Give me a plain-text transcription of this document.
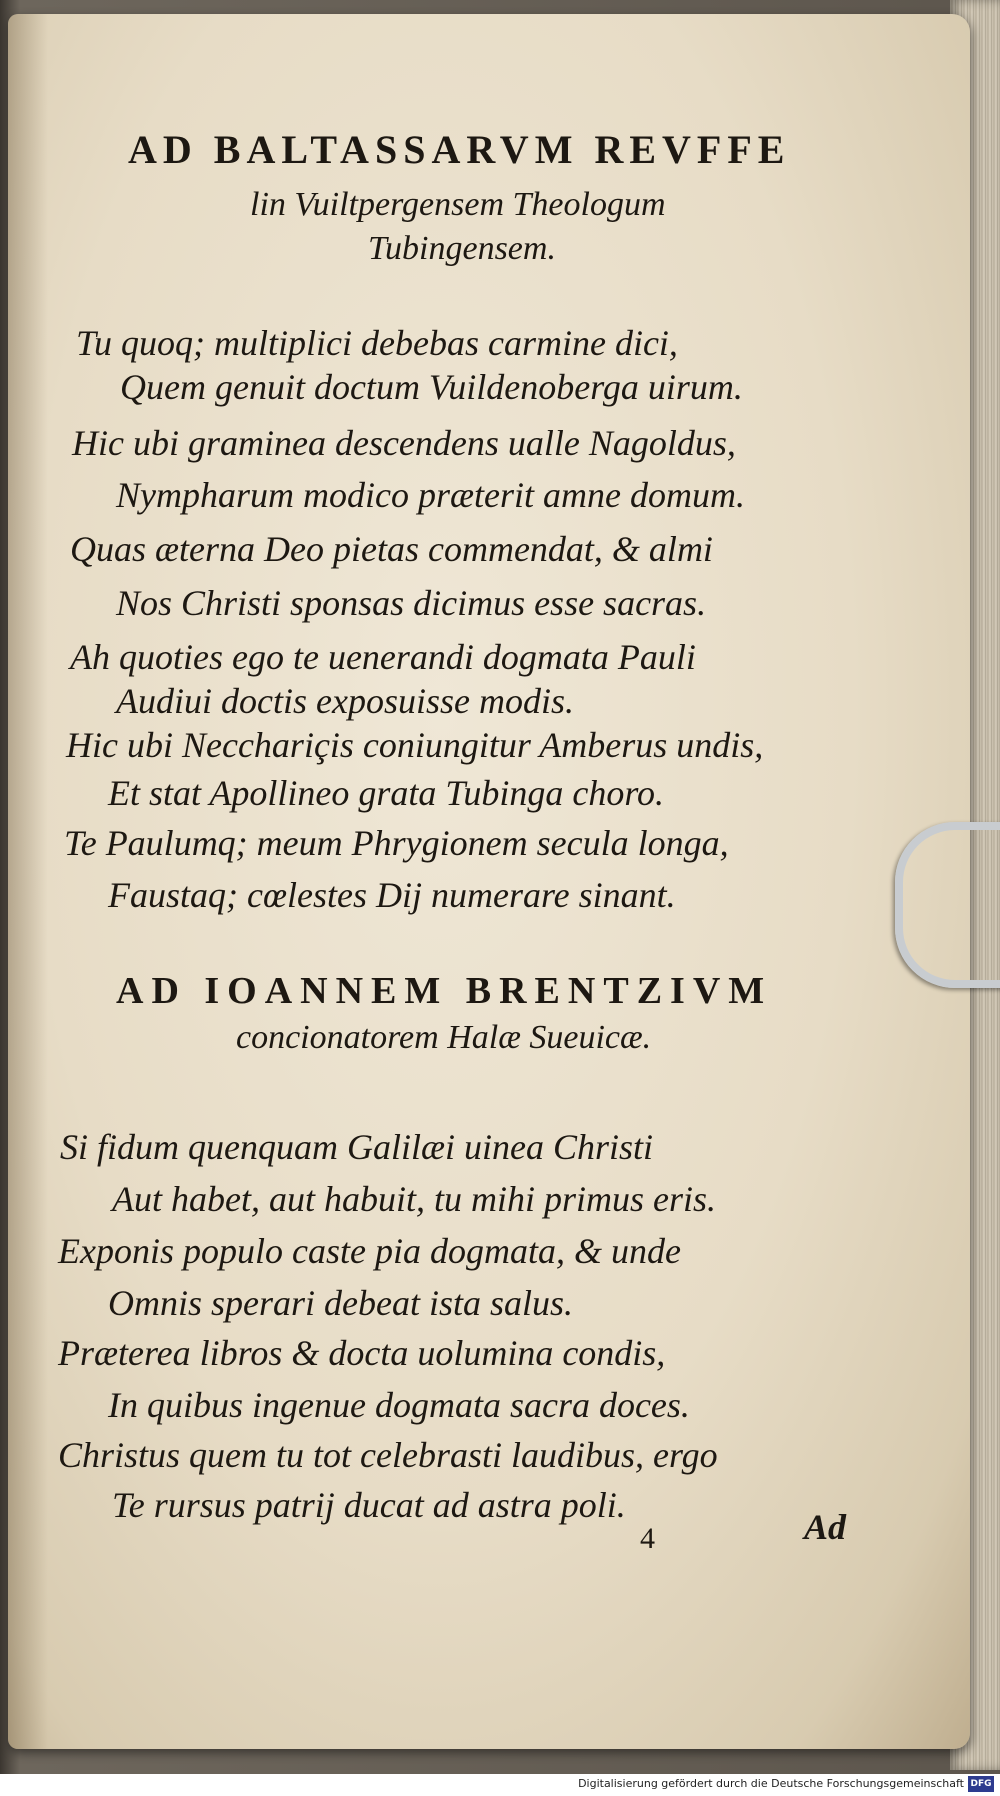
AD BALTASSARVM REVFFE
lin Vuiltpergensem Theologum
Tubingensem.
Tu quoq; multiplici debebas carmine dici,
Quem genuit doctum Vuildenoberga uirum.
Hic ubi graminea descendens ualle Nagoldus,
Nympharum modico præterit amne domum.
Quas æterna Deo pietas commendat, & almi
Nos Christi sponsas dicimus esse sacras.
Ah quoties ego te uenerandi dogmata Pauli
Audiui doctis exposuisse modis.
Hic ubi Necchariçis coniungitur Amberus undis,
Et stat Apollineo grata Tubinga choro.
Te Paulumq; meum Phrygionem secula longa,
Faustaq; cœlestes Dij numerare sinant.
AD IOANNEM BRENTZIVM
concionatorem Halæ Sueuicæ.
Si fidum quenquam Galilæi uinea Christi
Aut habet, aut habuit, tu mihi primus eris.
Exponis populo caste pia dogmata, & unde
Omnis sperari debeat ista salus.
Præterea libros & docta uolumina condis,
In quibus ingenue dogmata sacra doces.
Christus quem tu tot celebrasti laudibus, ergo
Te rursus patrij ducat ad astra poli.
4	Ad
Digitalisierung gefördert durch die Deutsche Forschungsgemeinschaft DFG
